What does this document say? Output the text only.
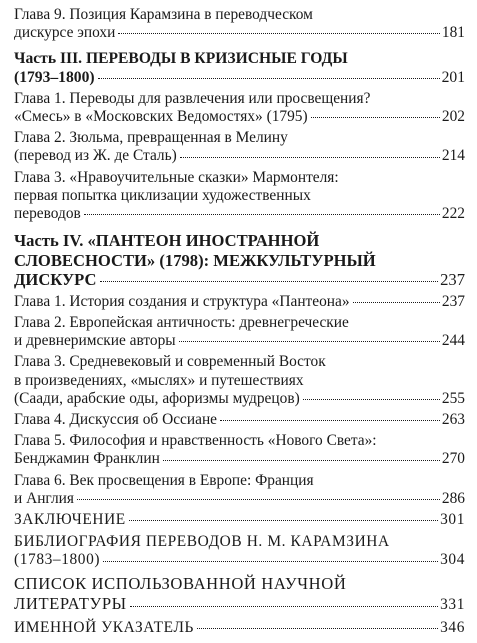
Глава 9. Позиция Карамзина в переводческом
дискурсе эпохи	181
Часть III. ПЕРЕВОДЫ В КРИЗИСНЫЕ ГОДЫ
(1793–1800)	201
Глава 1. Переводы для развлечения или просвещения?
«Смесь» в «Московских Ведомостях» (1795)	202
Глава 2. Зюльма, превращенная в Мелину
(перевод из Ж. де Сталь)	214
Глава 3. «Нравоучительные сказки» Мармонтеля:
первая попытка циклизации художественных
переводов	222
Часть IV. «ПАНТЕОН ИНОСТРАННОЙ
СЛОВЕСНОСТИ» (1798): МЕЖКУЛЬТУРНЫЙ
ДИСКУРС	237
Глава 1. История создания и структура «Пантеона»	237
Глава 2. Европейская античность: древнегреческие
и древнеримские авторы	244
Глава 3. Средневековый и современный Восток
в произведениях, «мыслях» и путешествиях
(Саади, арабские оды, афоризмы мудрецов)	255
Глава 4. Дискуссия об Оссиане	263
Глава 5. Философия и нравственность «Нового Света»:
Бенджамин Франклин	270
Глава 6. Век просвещения в Европе: Франция
и Англия	286
ЗАКЛЮЧЕНИЕ	301
БИБЛИОГРАФИЯ ПЕРЕВОДОВ Н. М. КАРАМЗИНА
(1783–1800)	304
СПИСОК ИСПОЛЬЗОВАННОЙ НАУЧНОЙ
ЛИТЕРАТУРЫ	331
ИМЕННОЙ УКАЗАТЕЛЬ	346
